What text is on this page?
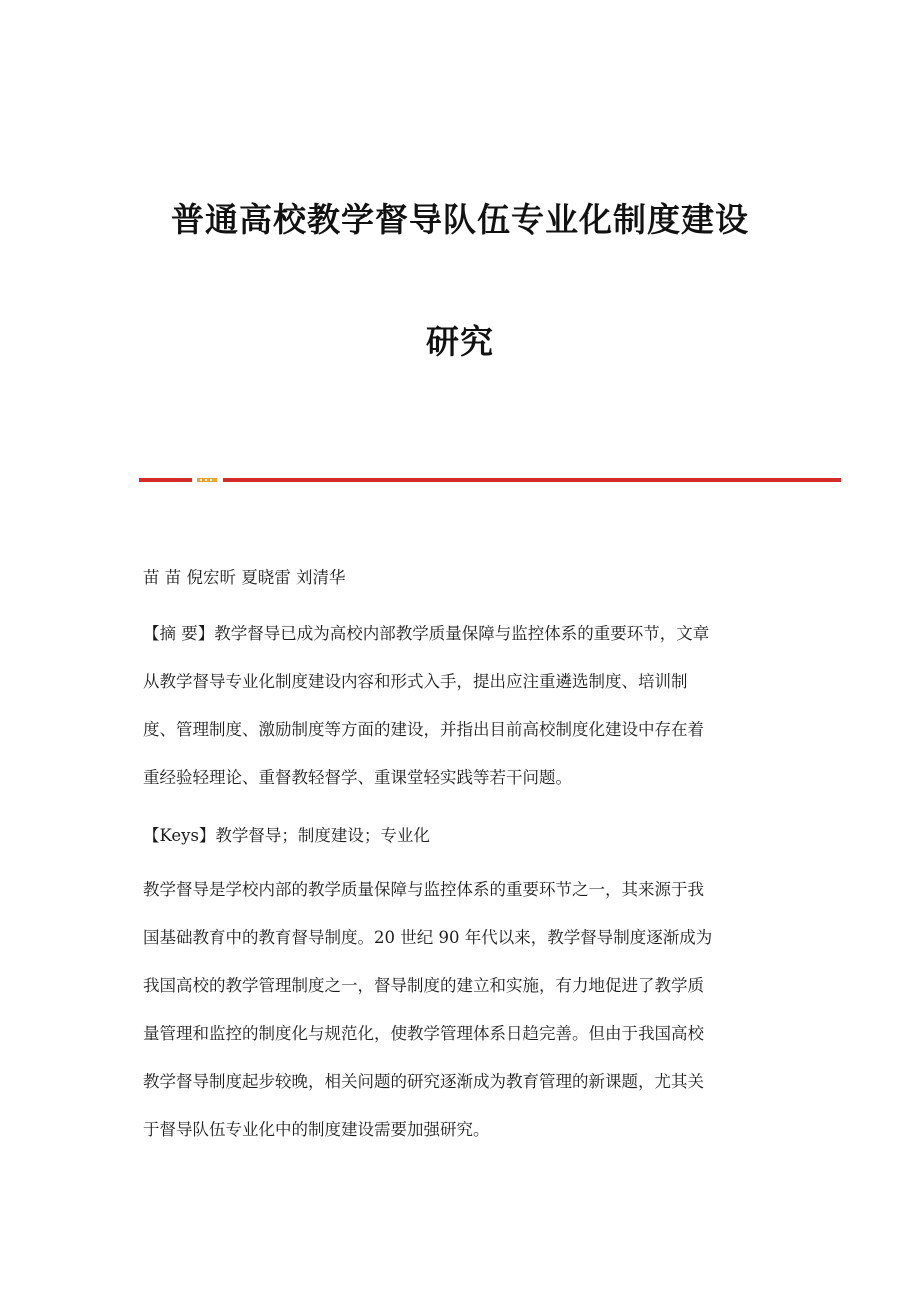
普通高校教学督导队伍专业化制度建设
研究
苗 苗 倪宏昕 夏晓雷 刘清华
【摘 要】教学督导已成为高校内部教学质量保障与监控体系的重要环节，文章
从教学督导专业化制度建设内容和形式入手，提出应注重遴选制度、培训制
度、管理制度、激励制度等方面的建设，并指出目前高校制度化建设中存在着
重经验轻理论、重督教轻督学、重课堂轻实践等若干问题。
【Keys】教学督导；制度建设；专业化
教学督导是学校内部的教学质量保障与监控体系的重要环节之一，其来源于我
国基础教育中的教育督导制度。20 世纪 90 年代以来，教学督导制度逐渐成为
我国高校的教学管理制度之一，督导制度的建立和实施，有力地促进了教学质
量管理和监控的制度化与规范化，使教学管理体系日趋完善。但由于我国高校
教学督导制度起步较晚，相关问题的研究逐渐成为教育管理的新课题，尤其关
于督导队伍专业化中的制度建设需要加强研究。
